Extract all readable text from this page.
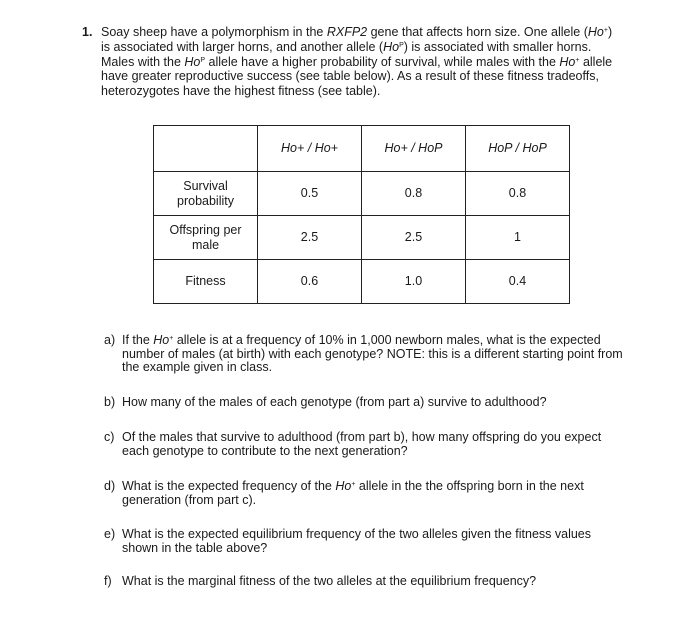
1. Soay sheep have a polymorphism in the RXFP2 gene that affects horn size. One allele (Ho+) is associated with larger horns, and another allele $(Ho^P)$ is associated with smaller horns. Males with the $Ho^P$ allele have a higher probability of survival, while males with the Ho+ allele have greater reproductive success (see table below). As a result of these fitness tradeoffs, heterozygotes have the highest fitness (see table).

	Ho+ / Ho+	Ho+ / HoP	HoP / HoP
Survival probability	0.5	0.8	0.8
Offspring per male	2.5	2.5	1
Fitness	0.6	1.0	0.4
a) If the Ho+ allele is at a frequency of 10% in 1,000 newborn males, what is the expected number of males (at birth) with each genotype? NOTE: this is a different starting point from the example given in class.
b) How many of the males of each genotype (from part a) survive to adulthood?
c) Of the males that survive to adulthood (from part b), how many offspring do you expect each genotype to contribute to the next generation?
d) What is the expected frequency of the Ho+ allele in the the offspring born in the next generation (from part c).
e) What is the expected equilibrium frequency of the two alleles given the fitness values shown in the table above?
f) What is the marginal fitness of the two alleles at the equilibrium frequency?
